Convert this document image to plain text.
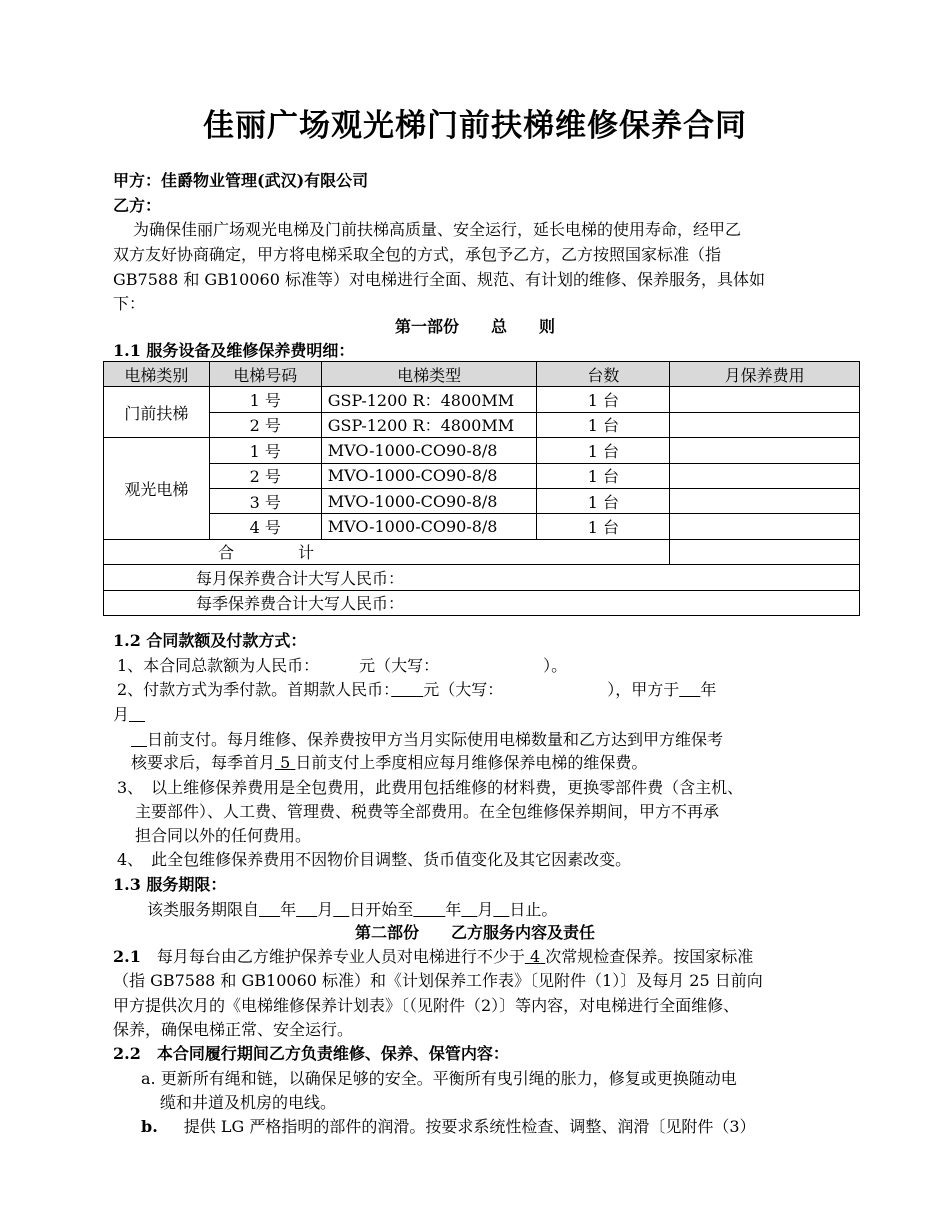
佳丽广场观光梯门前扶梯维修保养合同
甲方：佳爵物业管理(武汉)有限公司
乙方：
为确保佳丽广场观光电梯及门前扶梯高质量、安全运行，延长电梯的使用寿命，经甲乙
双方友好协商确定，甲方将电梯采取全包的方式，承包予乙方，乙方按照国家标准（指
GB7588 和 GB10060 标准等）对电梯进行全面、规范、有计划的维修、保养服务，具体如
下：
第一部份　　总　　则
1.1 服务设备及维修保养费明细：
电梯类别	电梯号码	电梯类型	台数	月保养费用
门前扶梯	1 号	GSP-1200 R：4800MM	1 台	
	2 号	GSP-1200 R：4800MM	1 台	
观光电梯	1 号	MVO-1000-CO90-8/8	1 台	
	2 号	MVO-1000-CO90-8/8	1 台	
	3 号	MVO-1000-CO90-8/8	1 台	
	4 号	MVO-1000-CO90-8/8	1 台	
合　　　　计				
每月保养费合计大写人民币：				
每季保养费合计大写人民币：				
1.2 合同款额及付款方式：
1、本合同总款额为人民币：　　　元（大写：　　　　　　　）。
2、付款方式为季付款。首期款人民币：　　 元（大写：　　　　　　　），甲方于　 年
月　
　日前支付。每月维修、保养费按甲方当月实际使用电梯数量和乙方达到甲方维保考
核要求后，每季首月 5 日前支付上季度相应每月维修保养电梯的维保费。
3、　以上维修保养费用是全包费用，此费用包括维修的材料费，更换零部件费（含主机、
主要部件）、人工费、管理费、税费等全部费用。在全包维修保养期间，甲方不再承
担合同以外的任何费用。
4、　此全包维修保养费用不因物价目调整、货币值变化及其它因素改变。
1.3 服务期限：
该类服务期限自　 年　 月　 日开始至　　 年　 月　 日止。
第二部份　　乙方服务内容及责任
2.1　每月每台由乙方维护保养专业人员对电梯进行不少于 4 次常规检查保养。按国家标准
（指 GB7588 和 GB10060 标准）和《计划保养工作表》〔见附件（1）〕及每月 25 日前向
甲方提供次月的《电梯维修保养计划表》〔（见附件（2）〕等内容，对电梯进行全面维修、
保养，确保电梯正常、安全运行。
2.2　本合同履行期间乙方负责维修、保养、保管内容：
a. 更新所有绳和链，以确保足够的安全。平衡所有曳引绳的胀力，修复或更换随动电
缆和井道及机房的电线。
b. 提供 LG 严格指明的部件的润滑。按要求系统性检查、调整、润滑〔见附件（3）
